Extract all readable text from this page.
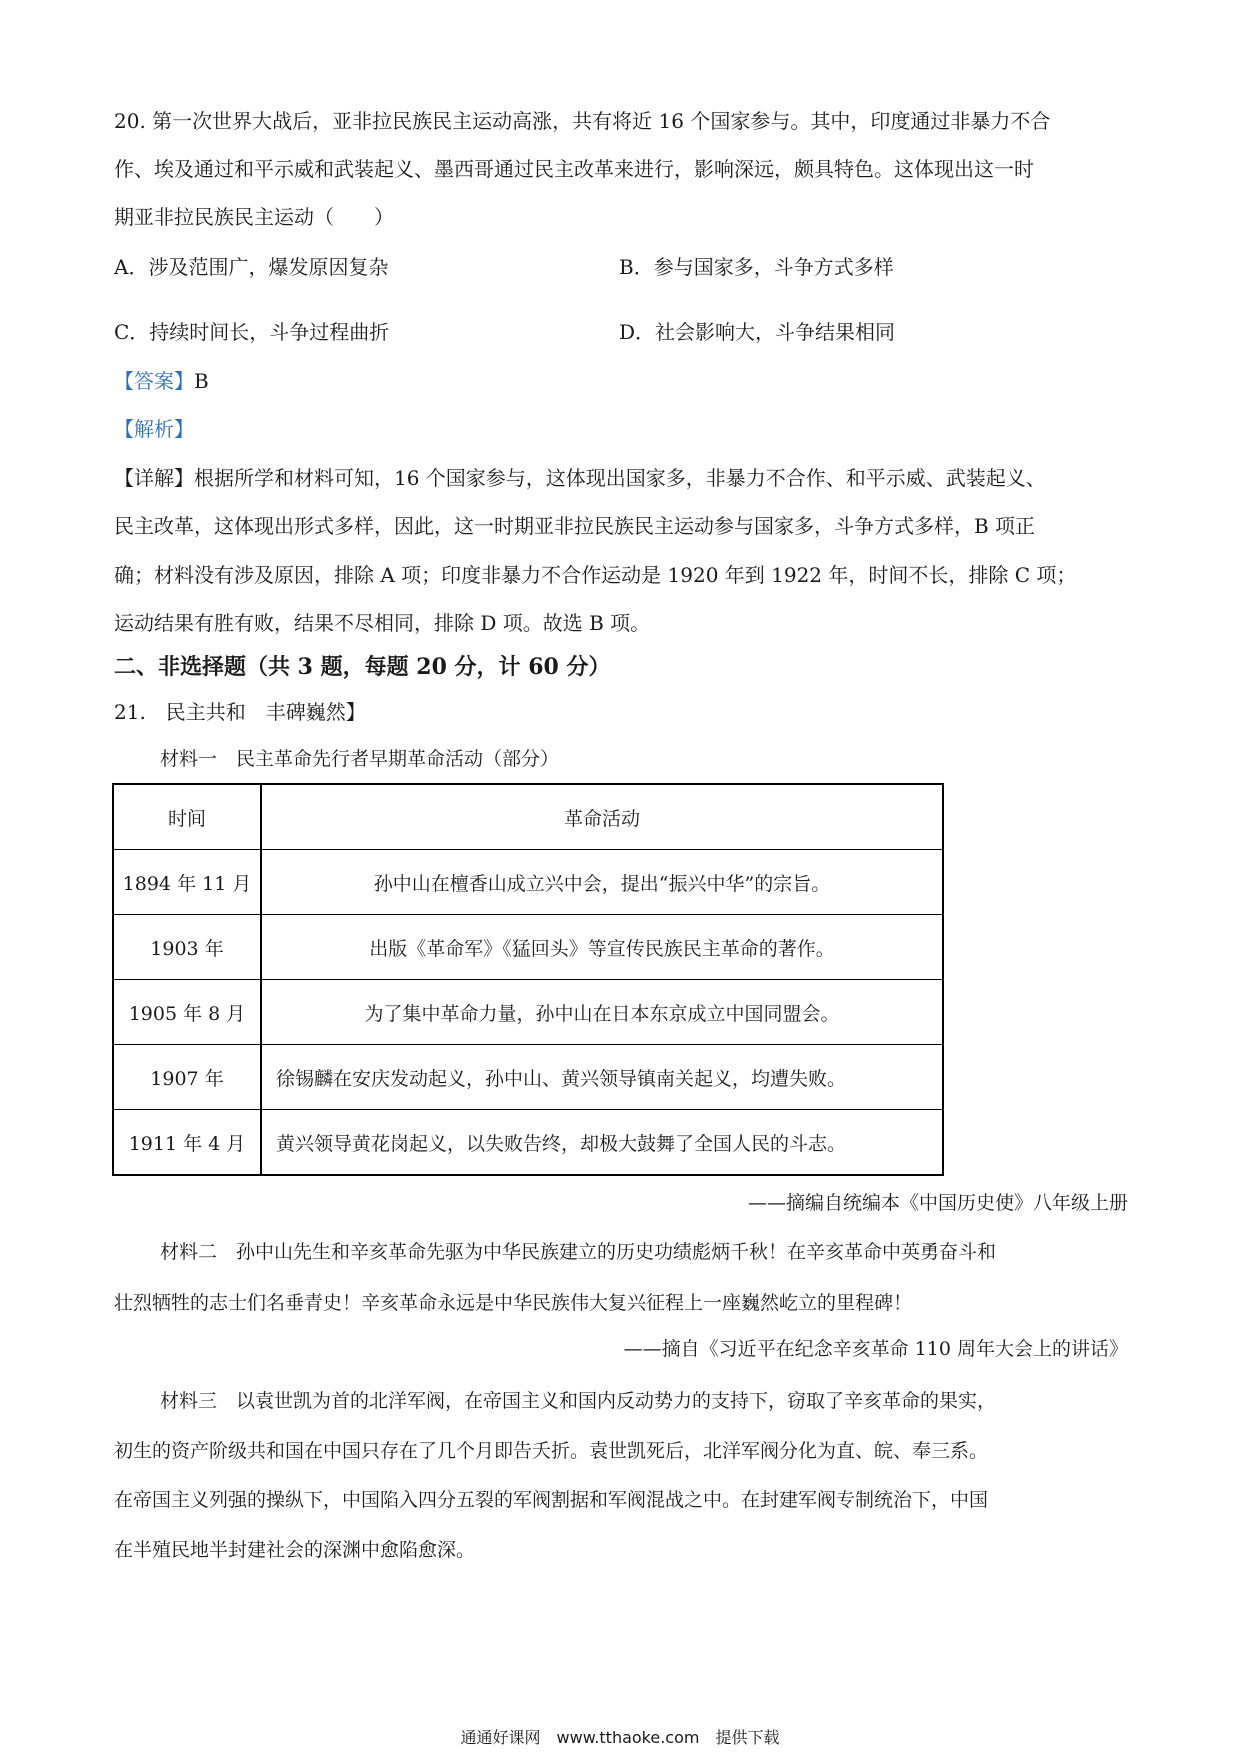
20. 第一次世界大战后，亚非拉民族民主运动高涨，共有将近 16 个国家参与。其中，印度通过非暴力不合
作、埃及通过和平示威和武装起义、墨西哥通过民主改革来进行，影响深远，颇具特色。这体现出这一时
期亚非拉民族民主运动（　　）
A．涉及范围广，爆发原因复杂	B．参与国家多，斗争方式多样
C．持续时间长，斗争过程曲折	D．社会影响大，斗争结果相同
【答案】B
【解析】
【详解】根据所学和材料可知，16 个国家参与，这体现出国家多，非暴力不合作、和平示威、武装起义、
民主改革，这体现出形式多样，因此，这一时期亚非拉民族民主运动参与国家多，斗争方式多样，B 项正
确；材料没有涉及原因，排除 A 项；印度非暴力不合作运动是 1920 年到 1922 年，时间不长，排除 C 项；
运动结果有胜有败，结果不尽相同，排除 D 项。故选 B 项。
二、非选择题（共 3 题，每题 20 分，计 60 分）
21.　民主共和　丰碑巍然】
材料一　民主革命先行者早期革命活动（部分）
时间	革命活动
1894 年 11 月	孙中山在檀香山成立兴中会，提出“振兴中华”的宗旨。
1903 年	出版《革命军》《猛回头》等宣传民族民主革命的著作。
1905 年 8 月	为了集中革命力量，孙中山在日本东京成立中国同盟会。
1907 年	徐锡麟在安庆发动起义，孙中山、黄兴领导镇南关起义，均遭失败。
1911 年 4 月	黄兴领导黄花岗起义，以失败告终，却极大鼓舞了全国人民的斗志。
——摘编自统编本《中国历史使》八年级上册
材料二　孙中山先生和辛亥革命先驱为中华民族建立的历史功绩彪炳千秋！在辛亥革命中英勇奋斗和
壮烈牺牲的志士们名垂青史！辛亥革命永远是中华民族伟大复兴征程上一座巍然屹立的里程碑！
——摘自《习近平在纪念辛亥革命 110 周年大会上的讲话》
材料三　以袁世凯为首的北洋军阀，在帝国主义和国内反动势力的支持下，窃取了辛亥革命的果实，
初生的资产阶级共和国在中国只存在了几个月即告夭折。袁世凯死后，北洋军阀分化为直、皖、奉三系。
在帝国主义列强的操纵下，中国陷入四分五裂的军阀割据和军阀混战之中。在封建军阀专制统治下，中国
在半殖民地半封建社会的深渊中愈陷愈深。
通通好课网　www.tthaoke.com　提供下载
